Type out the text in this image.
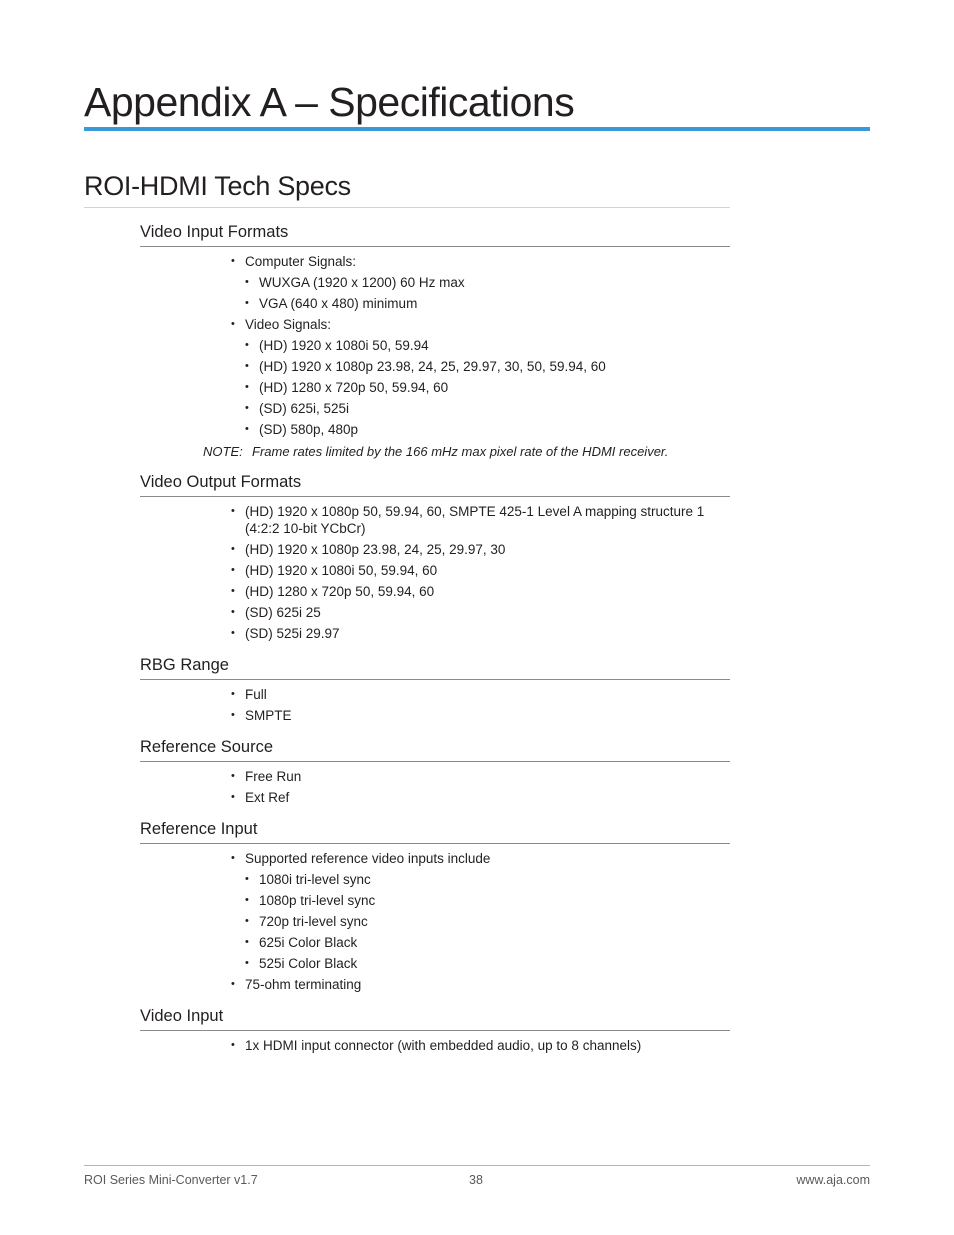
Appendix A – Specifications
ROI-HDMI Tech Specs
Video Input Formats
• Computer Signals:
• WUXGA (1920 x 1200) 60 Hz max
• VGA (640 x 480) minimum
• Video Signals:
• (HD) 1920 x 1080i 50, 59.94
• (HD) 1920 x 1080p 23.98, 24, 25, 29.97, 30, 50, 59.94, 60
• (HD) 1280 x 720p 50, 59.94, 60
• (SD) 625i, 525i
• (SD) 580p, 480p
NOTE: Frame rates limited by the 166 mHz max pixel rate of the HDMI receiver.
Video Output Formats
• (HD) 1920 x 1080p 50, 59.94, 60, SMPTE 425-1 Level A mapping structure 1 (4:2:2 10-bit YCbCr)
• (HD) 1920 x 1080p 23.98, 24, 25, 29.97, 30
• (HD) 1920 x 1080i 50, 59.94, 60
• (HD) 1280 x 720p 50, 59.94, 60
• (SD) 625i 25
• (SD) 525i 29.97
RBG Range
• Full
• SMPTE
Reference Source
• Free Run
• Ext Ref
Reference Input
• Supported reference video inputs include
• 1080i tri-level sync
• 1080p tri-level sync
• 720p tri-level sync
• 625i Color Black
• 525i Color Black
• 75-ohm terminating
Video Input
• 1x HDMI input connector (with embedded audio, up to 8 channels)
ROI Series Mini-Converter v1.7	38	www.aja.com
